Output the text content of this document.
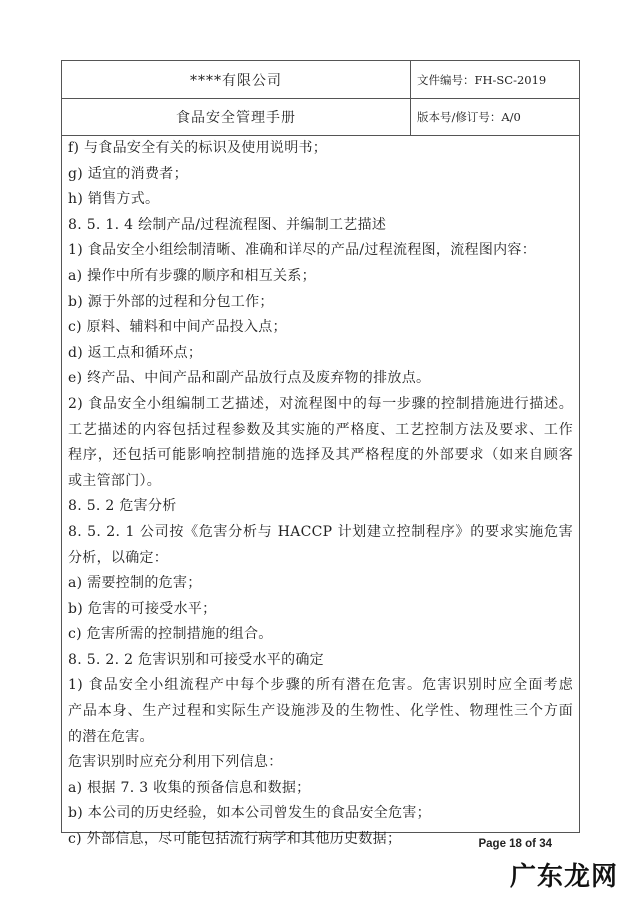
****有限公司	文件编号：FH-SC-2019
食品安全管理手册	版本号/修订号：A/0
f) 与食品安全有关的标识及使用说明书；
g) 适宜的消费者；
h) 销售方式。
8. 5. 1. 4 绘制产品/过程流程图、并编制工艺描述
1) 食品安全小组绘制清晰、准确和详尽的产品/过程流程图，流程图内容：
a) 操作中所有步骤的顺序和相互关系；
b) 源于外部的过程和分包工作；
c) 原料、辅料和中间产品投入点；
d) 返工点和循环点；
e) 终产品、中间产品和副产品放行点及废弃物的排放点。
2) 食品安全小组编制工艺描述，对流程图中的每一步骤的控制措施进行描述。
工艺描述的内容包括过程参数及其实施的严格度、工艺控制方法及要求、工作
程序，还包括可能影响控制措施的选择及其严格程度的外部要求（如来自顾客
或主管部门）。
8. 5. 2 危害分析
8. 5. 2. 1 公司按《危害分析与 HACCP 计划建立控制程序》的要求实施危害
分析，以确定：
a) 需要控制的危害；
b) 危害的可接受水平；
c) 危害所需的控制措施的组合。
8. 5. 2. 2 危害识别和可接受水平的确定
1) 食品安全小组流程产中每个步骤的所有潜在危害。危害识别时应全面考虑
产品本身、生产过程和实际生产设施涉及的生物性、化学性、物理性三个方面
的潜在危害。
危害识别时应充分利用下列信息：
a) 根据 7. 3 收集的预备信息和数据；
b) 本公司的历史经验，如本公司曾发生的食品安全危害；
c) 外部信息，尽可能包括流行病学和其他历史数据；	Page 18 of 34
广东龙网
